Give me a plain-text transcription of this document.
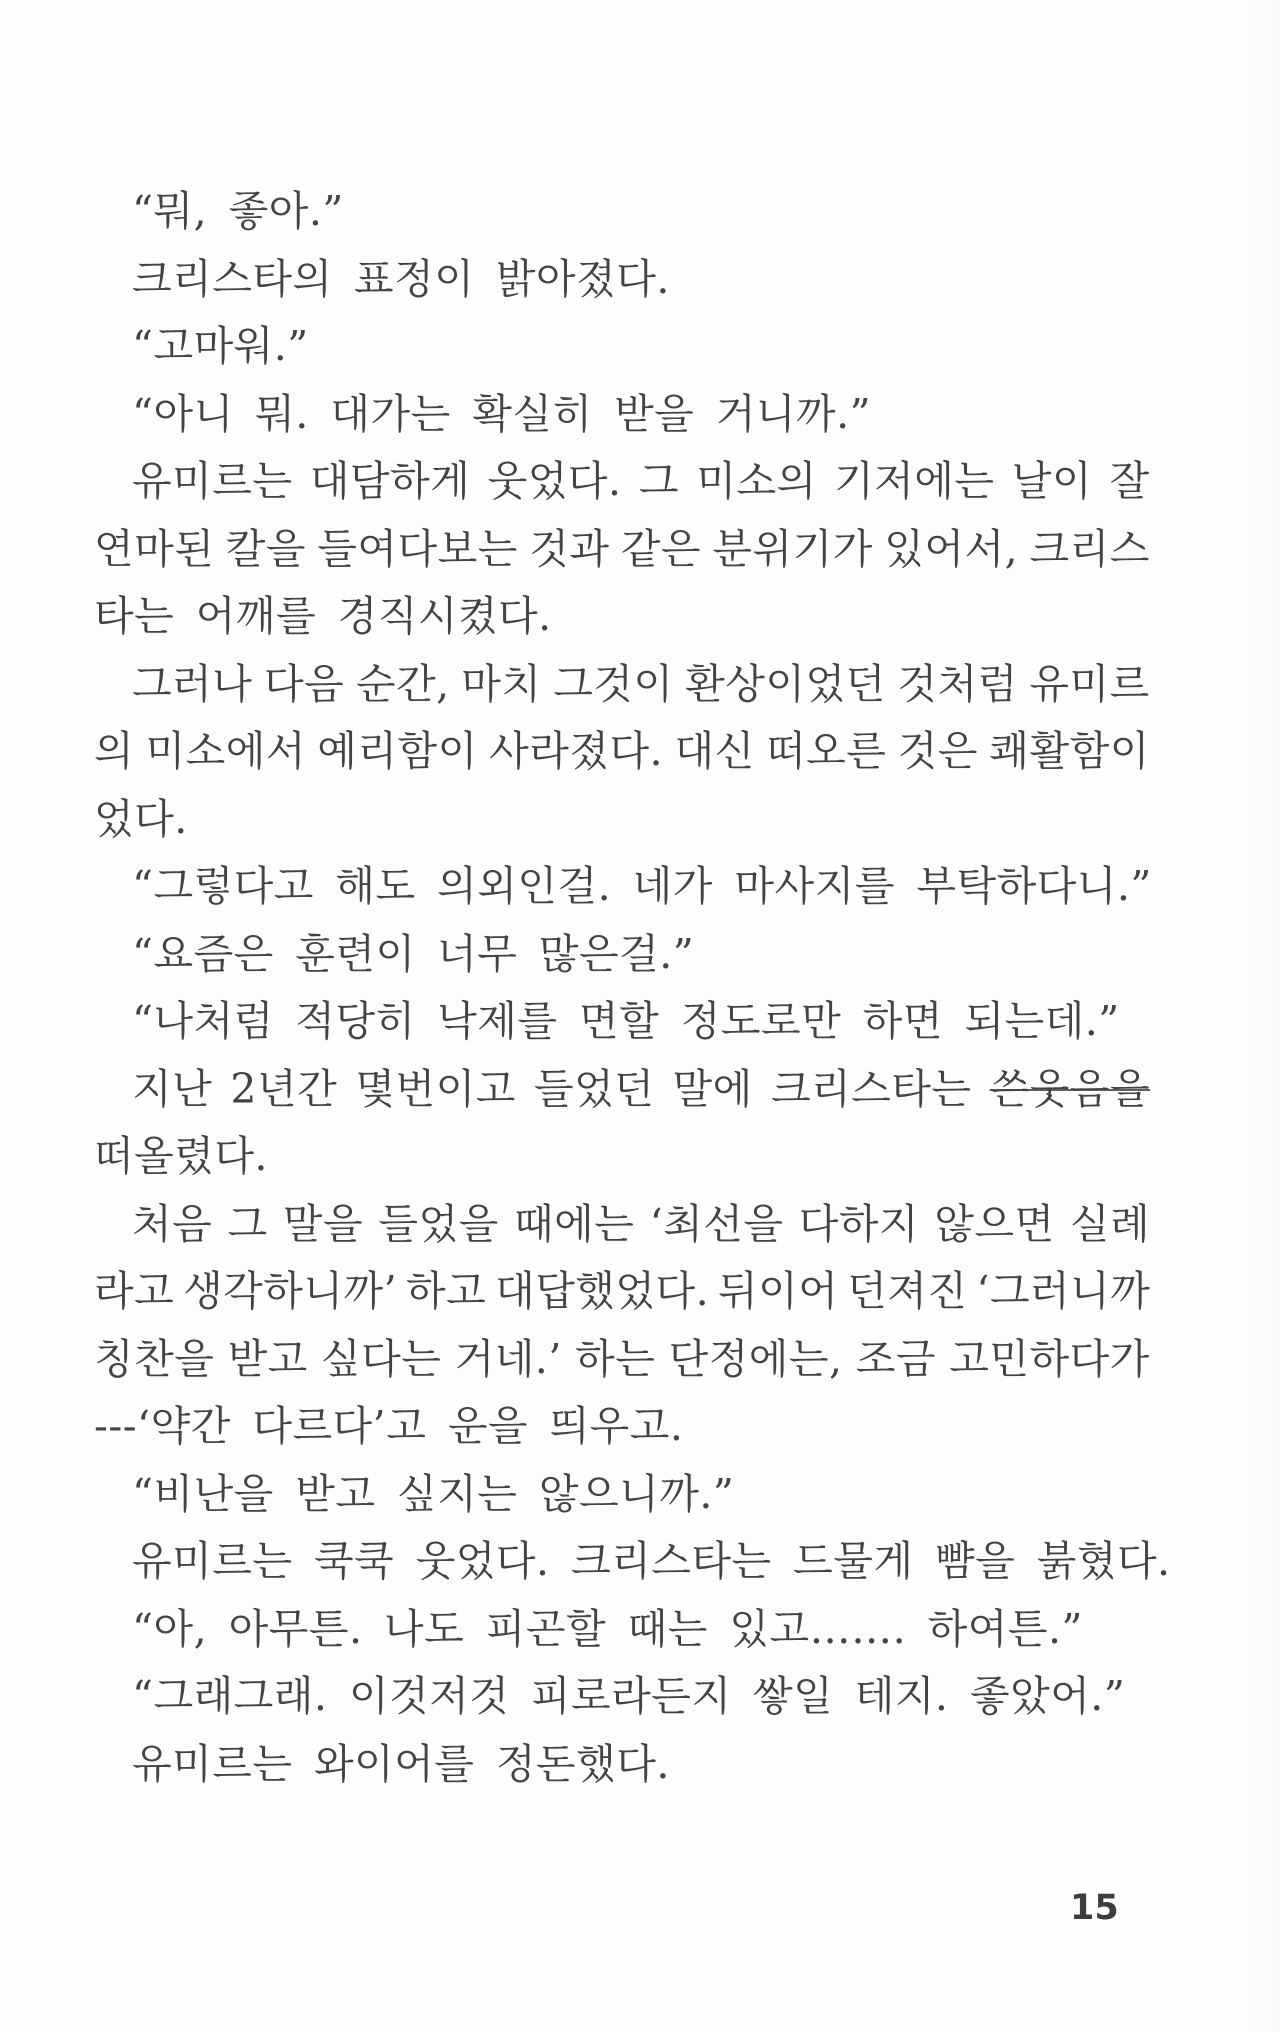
“뭐, 좋아.”
크리스타의 표정이 밝아졌다.
“고마워.”
“아니 뭐. 대가는 확실히 받을 거니까.”
유미르는 대담하게 웃었다. 그 미소의 기저에는 날이 잘
연마된 칼을 들여다보는 것과 같은 분위기가 있어서, 크리스
타는 어깨를 경직시켰다.
그러나 다음 순간, 마치 그것이 환상이었던 것처럼 유미르
의 미소에서 예리함이 사라졌다. 대신 떠오른 것은 쾌활함이
었다.
“그렇다고 해도 의외인걸. 네가 마사지를 부탁하다니.”
“요즘은 훈련이 너무 많은걸.”
“나처럼 적당히 낙제를 면할 정도로만 하면 되는데.”
지난 2년간 몇번이고 들었던 말에 크리스타는 쓴웃음을
떠올렸다.
처음 그 말을 들었을 때에는 ‘최선을 다하지 않으면 실례
라고 생각하니까’ 하고 대답했었다. 뒤이어 던져진 ‘그러니까
칭찬을 받고 싶다는 거네.’ 하는 단정에는, 조금 고민하다가
---‘약간 다르다’고 운을 띄우고.
“비난을 받고 싶지는 않으니까.”
유미르는 쿡쿡 웃었다. 크리스타는 드물게 뺨을 붉혔다.
“아, 아무튼. 나도 피곤할 때는 있고……. 하여튼.”
“그래그래. 이것저것 피로라든지 쌓일 테지. 좋았어.”
유미르는 와이어를 정돈했다.
15
